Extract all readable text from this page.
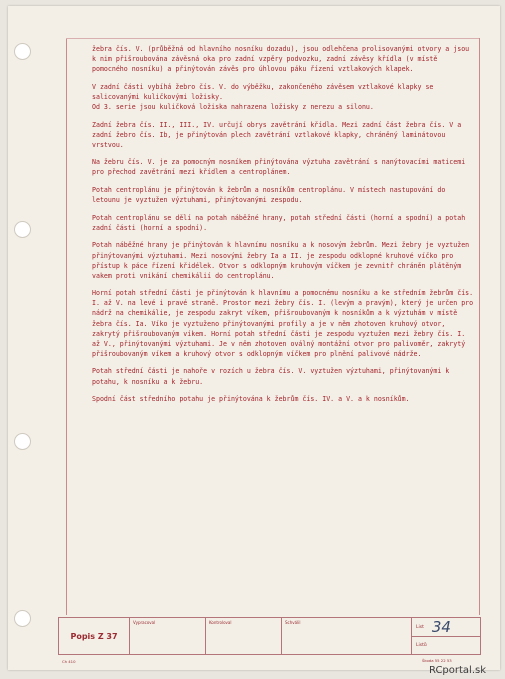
žebra čís. V. (průběžná od hlavního nosníku dozadu), jsou odlehčena prolisovanými otvory a jsou k nim přišroubována závěsná oka pro zadní vzpěry podvozku, zadní závěsy křídla (v místě pomocného nosníku) a přinýtován závěs pro úhlovou páku řízení vztlakových klapek.

V zadní části vybíhá žebro čís. V. do výběžku, zakončeného závěsem vztlakové klapky se salicovanými kuličkovými ložisky.
Od 3. serie jsou kuličková ložiska nahrazena ložisky z nerezu a silonu.

Zadní žebra čís. II., III., IV. určují obrys zavětrání křídla. Mezi zadní část žebra čís. V a zadní žebro čís. Ib, je přinýtován plech zavětrání vztlakové klapky, chráněný laminátovou vrstvou.

Na žebru čís. V. je za pomocným nosníkem přinýtována výztuha zavětrání s nanýtovacími maticemi pro přechod zavětrání mezi křídlem a centroplánem.

Potah centroplánu je přinýtován k žebrům a nosníkům centroplánu. V místech nastupování do letounu je vyztužen výztuhami, přinýtovanými zespodu.

Potah centroplánu se dělí na potah náběžné hrany, potah střední části (horní a spodní) a potah zadní části (horní a spodní).

Potah náběžné hrany je přinýtován k hlavnímu nosníku a k nosovým žebrům. Mezi žebry je vyztužen přinýtovanými výztuhami. Mezi nosovými žebry Ia a II. je zespodu odklopné kruhové víčko pro přístup k páce řízení křidélek. Otvor s odklopným kruhovým víčkem je zevnitř chráněn plátěným vakem proti vnikání chemikálií do centroplánu.

Horní potah střední části je přinýtován k hlavnímu a pomocnému nosníku a ke středním žebrům čís. I. až V. na levé i pravé straně. Prostor mezi žebry čís. I. (levým a pravým), který je určen pro nádrž na chemikálie, je zespodu zakryt víkem, přišroubovaným k nosníkům a k výztuhám v místě žebra čís. Ia. Víko je vyztuženo přinýtovanými profily a je v něm zhotoven kruhový otvor, zakrytý přišroubovaným víkem. Horní potah střední části je zespodu vyztužen mezi žebry čís. I. až V., přinýtovanými výztuhami. Je v něm zhotoven oválný montážní otvor pro palivoměr, zakrytý přišroubovaným víkem a kruhový otvor s odklopným víčkem pro plnění palivové nádrže.

Potah střední části je nahoře v rozích u žebra čís. V. vyztužen výztuhami, přinýtovanými k potahu, k nosníku a k žebru.

Spodní část středního potahu je přinýtována k žebrům čís. IV. a V. a k nosníkům.

Popis Z 37
Vypracoval	Kontroloval	Schválil
List 34
Listů
Ch 410	Škoda 55 22 53
RCportal.sk
